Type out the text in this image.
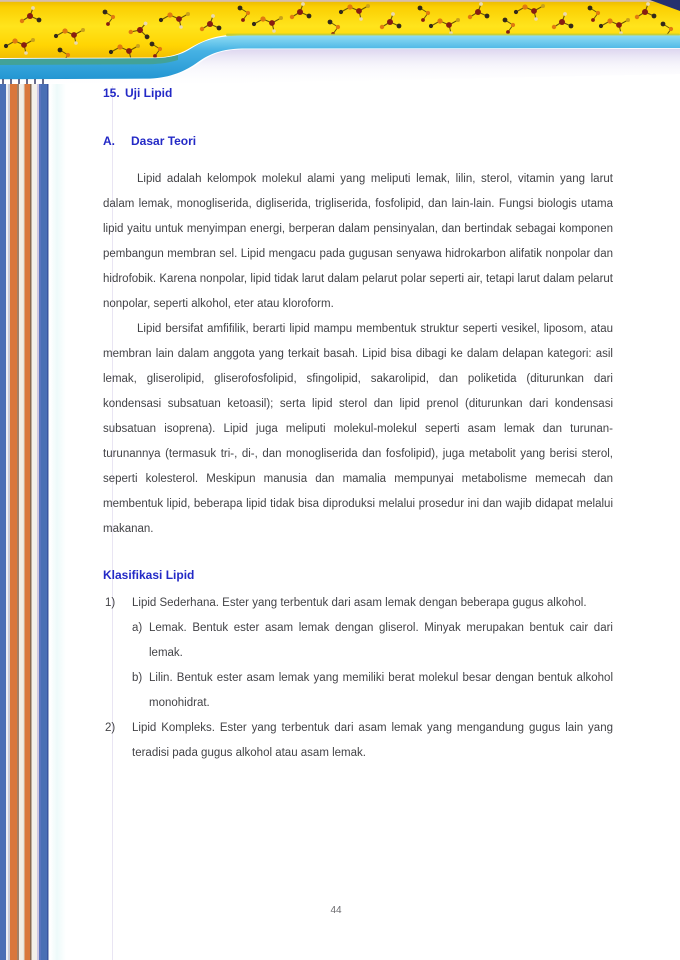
15. Uji Lipid
A.	Dasar Teori

Lipid adalah kelompok molekul alami yang meliputi lemak, lilin, sterol, vitamin yang larut dalam lemak, monogliserida, digliserida, trigliserida, fosfolipid, dan lain-lain. Fungsi biologis utama lipid yaitu untuk menyimpan energi, berperan dalam pensinyalan, dan bertindak sebagai komponen pembangun membran sel. Lipid mengacu pada gugusan senyawa hidrokarbon alifatik nonpolar dan hidrofobik. Karena nonpolar, lipid tidak larut dalam pelarut polar seperti air, tetapi larut dalam pelarut nonpolar, seperti alkohol, eter atau kloroform.

Lipid bersifat amfifilik, berarti lipid mampu membentuk struktur seperti vesikel, liposom, atau membran lain dalam anggota yang terkait basah. Lipid bisa dibagi ke dalam delapan kategori: asil lemak, gliserolipid, gliserofosfolipid, sfingolipid, sakarolipid, dan poliketida (diturunkan dari kondensasi subsatuan ketoasil); serta lipid sterol dan lipid prenol (diturunkan dari kondensasi subsatuan isoprena). Lipid juga meliputi molekul-molekul seperti asam lemak dan turunan-turunannya (termasuk tri-, di-, dan monogliserida dan fosfolipid), juga metabolit yang berisi sterol, seperti kolesterol. Meskipun manusia dan mamalia mempunyai metabolisme memecah dan membentuk lipid, beberapa lipid tidak bisa diproduksi melalui prosedur ini dan wajib didapat melalui makanan.

Klasifikasi Lipid
1) Lipid Sederhana. Ester yang terbentuk dari asam lemak dengan beberapa gugus alkohol.
a) Lemak. Bentuk ester asam lemak dengan gliserol. Minyak merupakan bentuk cair dari lemak.
b) Lilin. Bentuk ester asam lemak yang memiliki berat molekul besar dengan bentuk alkohol monohidrat.
2) Lipid Kompleks. Ester yang terbentuk dari asam lemak yang mengandung gugus lain yang teradisi pada gugus alkohol atau asam lemak.
44
